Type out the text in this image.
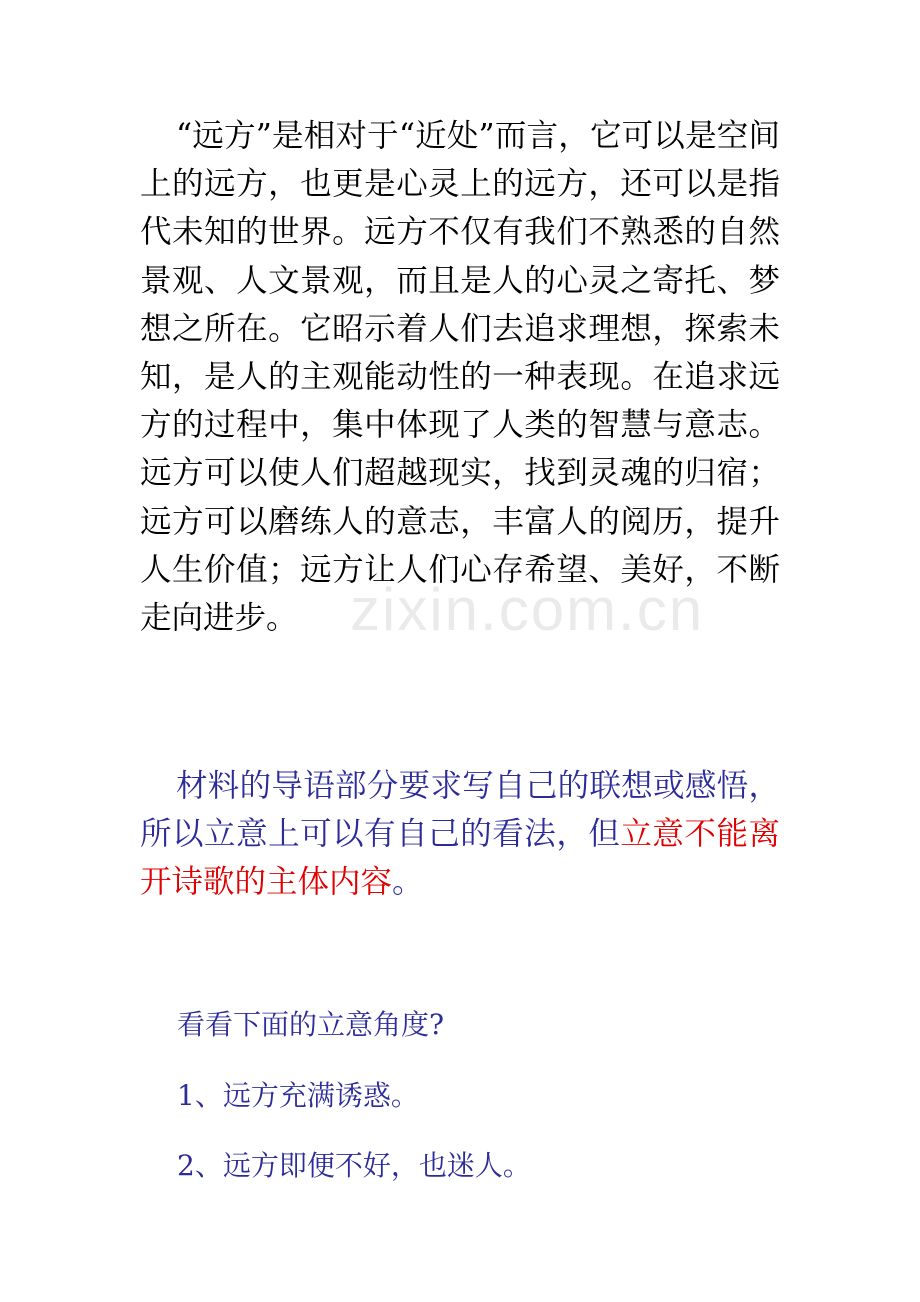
zixin.com.cn

“远方”是相对于“近处”而言，它可以是空间上的远方，也更是心灵上的远方，还可以是指代未知的世界。远方不仅有我们不熟悉的自然景观、人文景观，而且是人的心灵之寄托、梦想之所在。它昭示着人们去追求理想，探索未知，是人的主观能动性的一种表现。在追求远方的过程中，集中体现了人类的智慧与意志。远方可以使人们超越现实，找到灵魂的归宿；远方可以磨练人的意志，丰富人的阅历，提升人生价值；远方让人们心存希望、美好，不断走向进步。

材料的导语部分要求写自己的联想或感悟，所以立意上可以有自己的看法，但立意不能离开诗歌的主体内容。

看看下面的立意角度?
1、远方充满诱惑。
2、远方即便不好，也迷人。
